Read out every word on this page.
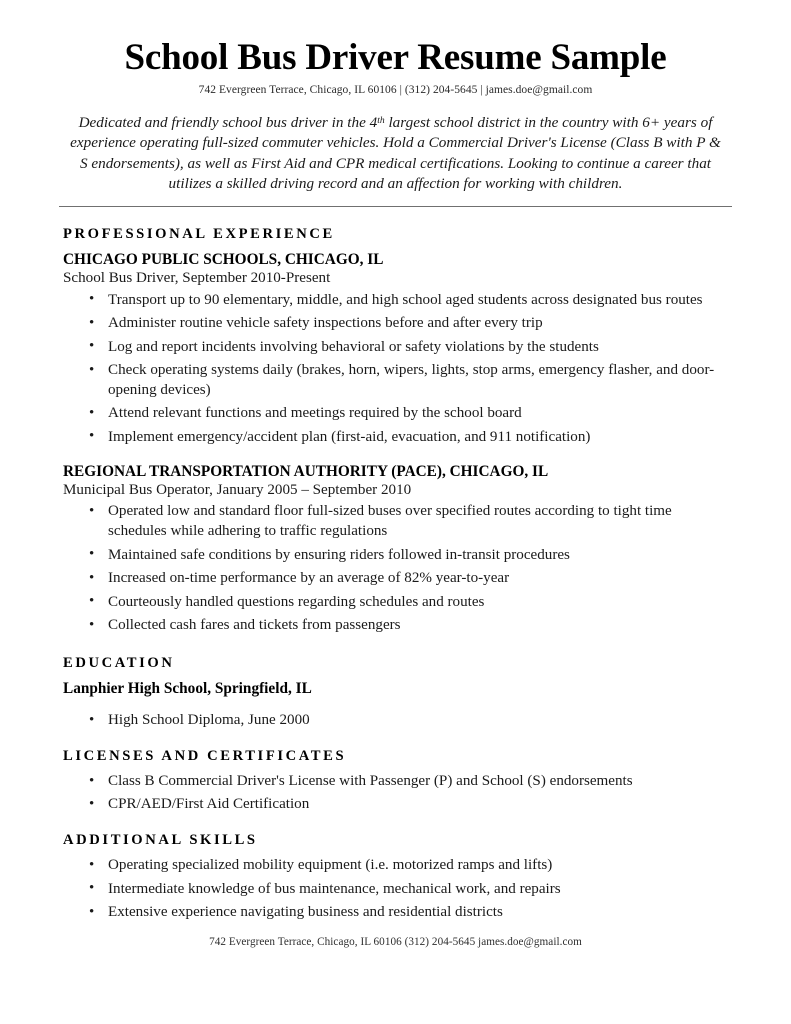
School Bus Driver Resume Sample
742 Evergreen Terrace, Chicago, IL 60106 | (312) 204-5645 | james.doe@gmail.com

Dedicated and friendly school bus driver in the 4th largest school district in the country with 6+ years of experience operating full-sized commuter vehicles. Hold a Commercial Driver's License (Class B with P & S endorsements), as well as First Aid and CPR medical certifications. Looking to continue a career that utilizes a skilled driving record and an affection for working with children.

PROFESSIONAL EXPERIENCE
CHICAGO PUBLIC SCHOOLS, CHICAGO, IL
School Bus Driver, September 2010-Present
• Transport up to 90 elementary, middle, and high school aged students across designated bus routes
• Administer routine vehicle safety inspections before and after every trip
• Log and report incidents involving behavioral or safety violations by the students
• Check operating systems daily (brakes, horn, wipers, lights, stop arms, emergency flasher, and door-opening devices)
• Attend relevant functions and meetings required by the school board
• Implement emergency/accident plan (first-aid, evacuation, and 911 notification)
REGIONAL TRANSPORTATION AUTHORITY (PACE), CHICAGO, IL
Municipal Bus Operator, January 2005 – September 2010
• Operated low and standard floor full-sized buses over specified routes according to tight time schedules while adhering to traffic regulations
• Maintained safe conditions by ensuring riders followed in-transit procedures
• Increased on-time performance by an average of 82% year-to-year
• Courteously handled questions regarding schedules and routes
• Collected cash fares and tickets from passengers
EDUCATION
Lanphier High School, Springfield, IL
• High School Diploma, June 2000
LICENSES AND CERTIFICATES
• Class B Commercial Driver's License with Passenger (P) and School (S) endorsements
• CPR/AED/First Aid Certification
ADDITIONAL SKILLS
• Operating specialized mobility equipment (i.e. motorized ramps and lifts)
• Intermediate knowledge of bus maintenance, mechanical work, and repairs
• Extensive experience navigating business and residential districts
742 Evergreen Terrace, Chicago, IL 60106 (312) 204-5645 james.doe@gmail.com
